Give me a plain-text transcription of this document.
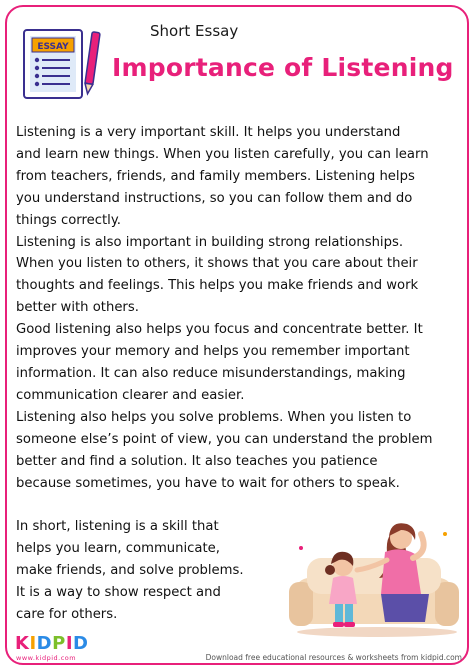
ESSAY
Short Essay
Importance of Listening

Listening is a very important skill. It helps you understand

and learn new things. When you listen carefully, you can learn

from teachers, friends, and family members. Listening helps

you understand instructions, so you can follow them and do

things correctly.

Listening is also important in building strong relationships.

When you listen to others, it shows that you care about their

thoughts and feelings. This helps you make friends and work

better with others.

Good listening also helps you focus and concentrate better. It

improves your memory and helps you remember important

information. It can also reduce misunderstandings, making

communication clearer and easier.

Listening also helps you solve problems. When you listen to

someone else’s point of view, you can understand the problem

better and find a solution. It also teaches you patience

because sometimes, you have to wait for others to speak.

In short, listening is a skill that

helps you learn, communicate,

make friends, and solve problems.

It is a way to show respect and

care for others.

KIDPID
www.kidpid.com	Download free educational resources & worksheets from kidpid.com
